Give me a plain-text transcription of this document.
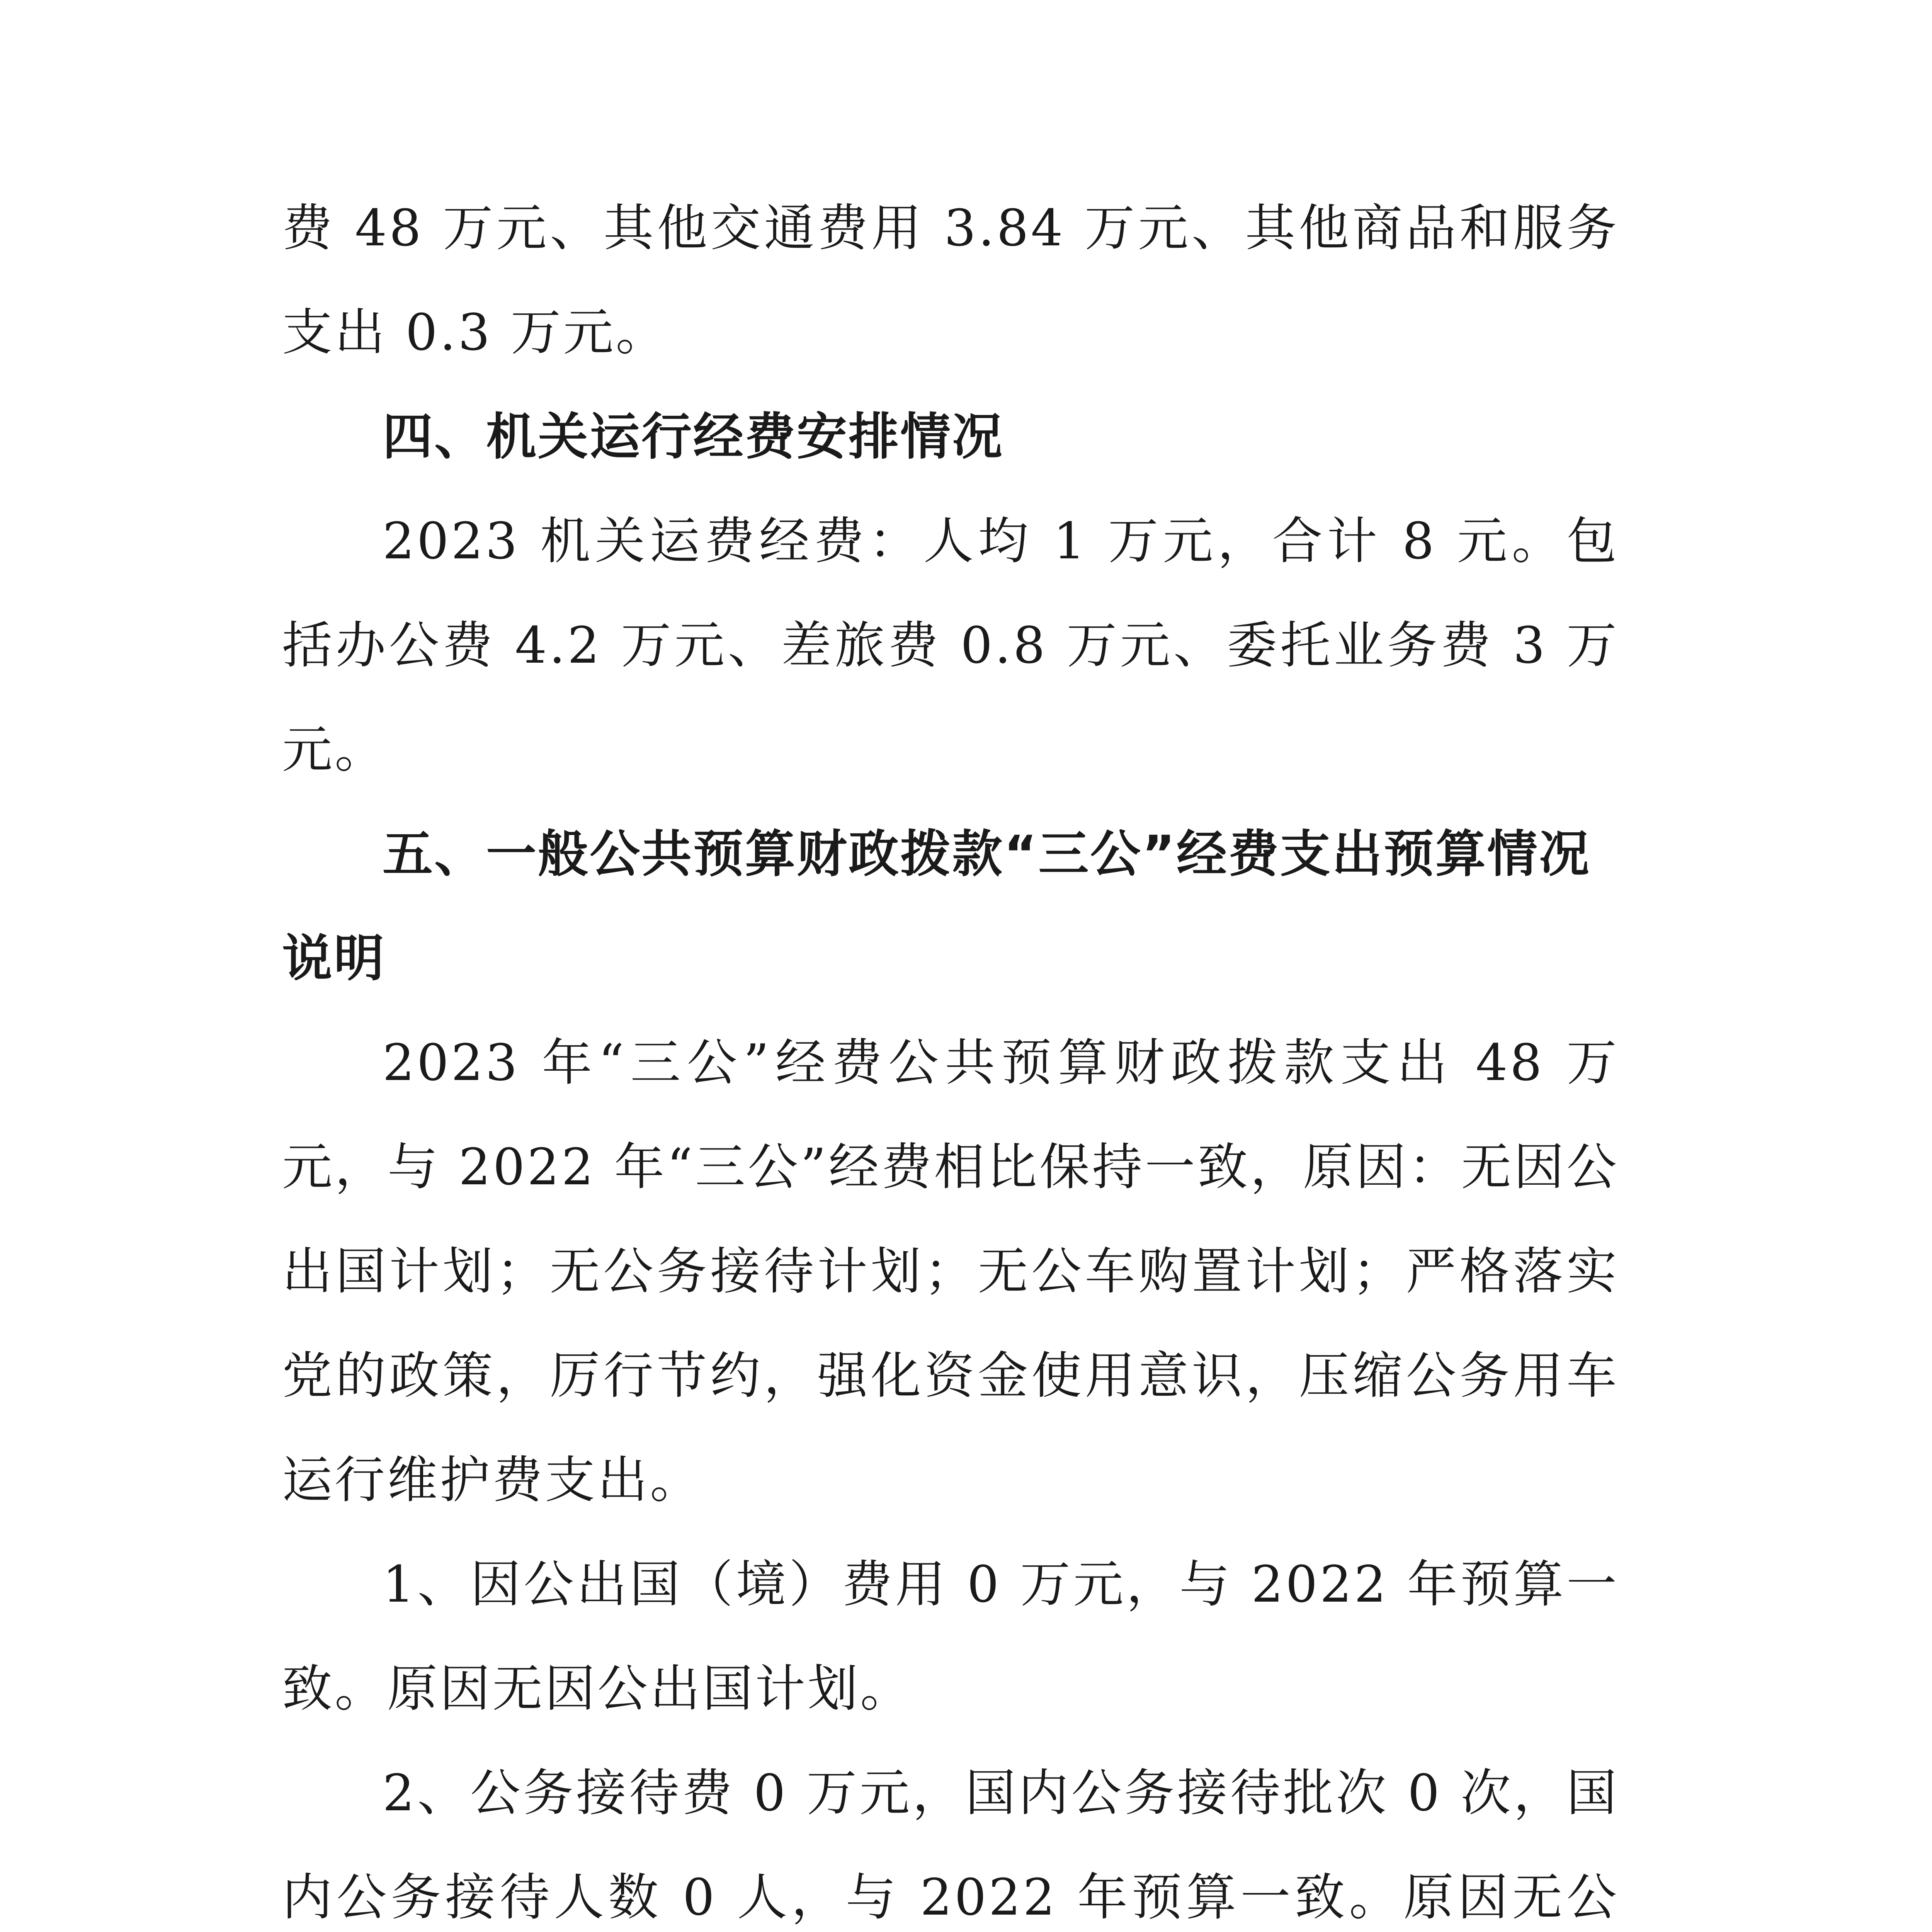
费 48 万元、其他交通费用 3.84 万元、其他商品和服务支出 0.3 万元。

四、机关运行经费安排情况

2023 机关运费经费：人均 1 万元，合计 8 元。包括办公费 4.2 万元、差旅费 0.8 万元、委托业务费 3 万元。

五、一般公共预算财政拨款“三公”经费支出预算情况说明

2023 年“三公”经费公共预算财政拨款支出 48 万元，与 2022 年“三公”经费相比保持一致，原因：无因公出国计划；无公务接待计划；无公车购置计划；严格落实党的政策，厉行节约，强化资金使用意识，压缩公务用车运行维护费支出。

1、因公出国（境）费用 0 万元，与 2022 年预算一致。原因无因公出国计划。

2、公务接待费 0 万元，国内公务接待批次 0 次，国内公务接待人数 0 人，与 2022 年预算一致。原因无公
